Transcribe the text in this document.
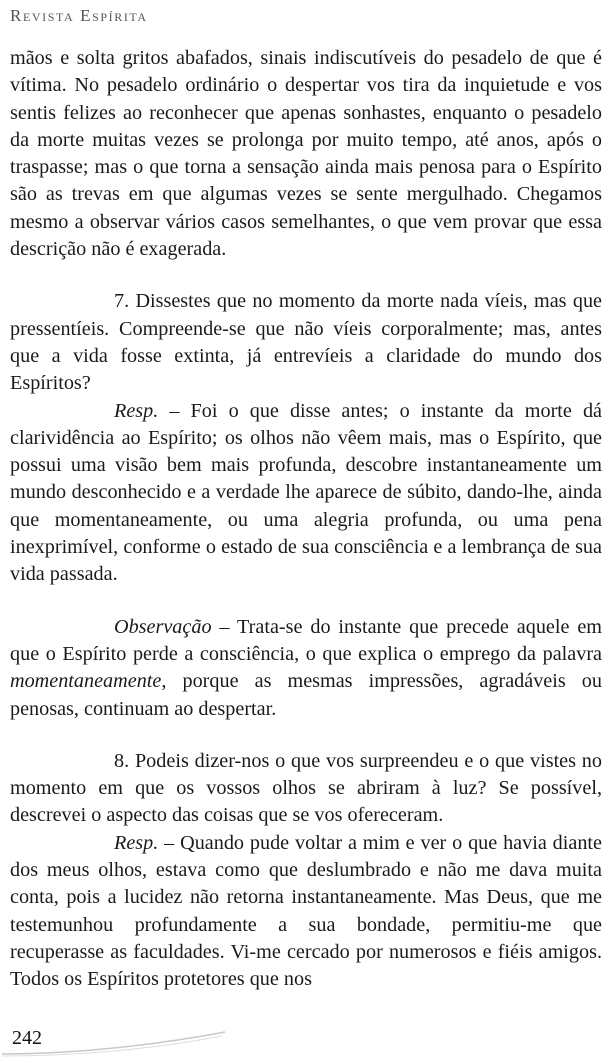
Revista Espírita

mãos e solta gritos abafados, sinais indiscutíveis do pesadelo de que é vítima. No pesadelo ordinário o despertar vos tira da inquietude e vos sentis felizes ao reconhecer que apenas sonhastes, enquanto o pesadelo da morte muitas vezes se prolonga por muito tempo, até anos, após o traspasse; mas o que torna a sensação ainda mais penosa para o Espírito são as trevas em que algumas vezes se sente mergulhado. Chegamos mesmo a observar vários casos semelhantes, o que vem provar que essa descrição não é exagerada.

7. Dissestes que no momento da morte nada víeis, mas que pressentíeis. Compreende-se que não víeis corporalmente; mas, antes que a vida fosse extinta, já entrevíeis a claridade do mundo dos Espíritos?

Resp. – Foi o que disse antes; o instante da morte dá clarividência ao Espírito; os olhos não vêem mais, mas o Espírito, que possui uma visão bem mais profunda, descobre instantaneamente um mundo desconhecido e a verdade lhe aparece de súbito, dando-lhe, ainda que momentaneamente, ou uma alegria profunda, ou uma pena inexprimível, conforme o estado de sua consciência e a lembrança de sua vida passada.

Observação – Trata-se do instante que precede aquele em que o Espírito perde a consciência, o que explica o emprego da palavra momentaneamente, porque as mesmas impressões, agradáveis ou penosas, continuam ao despertar.

8. Podeis dizer-nos o que vos surpreendeu e o que vistes no momento em que os vossos olhos se abriram à luz? Se possível, descrevei o aspecto das coisas que se vos ofereceram.

Resp. – Quando pude voltar a mim e ver o que havia diante dos meus olhos, estava como que deslumbrado e não me dava muita conta, pois a lucidez não retorna instantaneamente. Mas Deus, que me testemunhou profundamente a sua bondade, permitiu-me que recuperasse as faculdades. Vi-me cercado por numerosos e fiéis amigos. Todos os Espíritos protetores que nos

242
